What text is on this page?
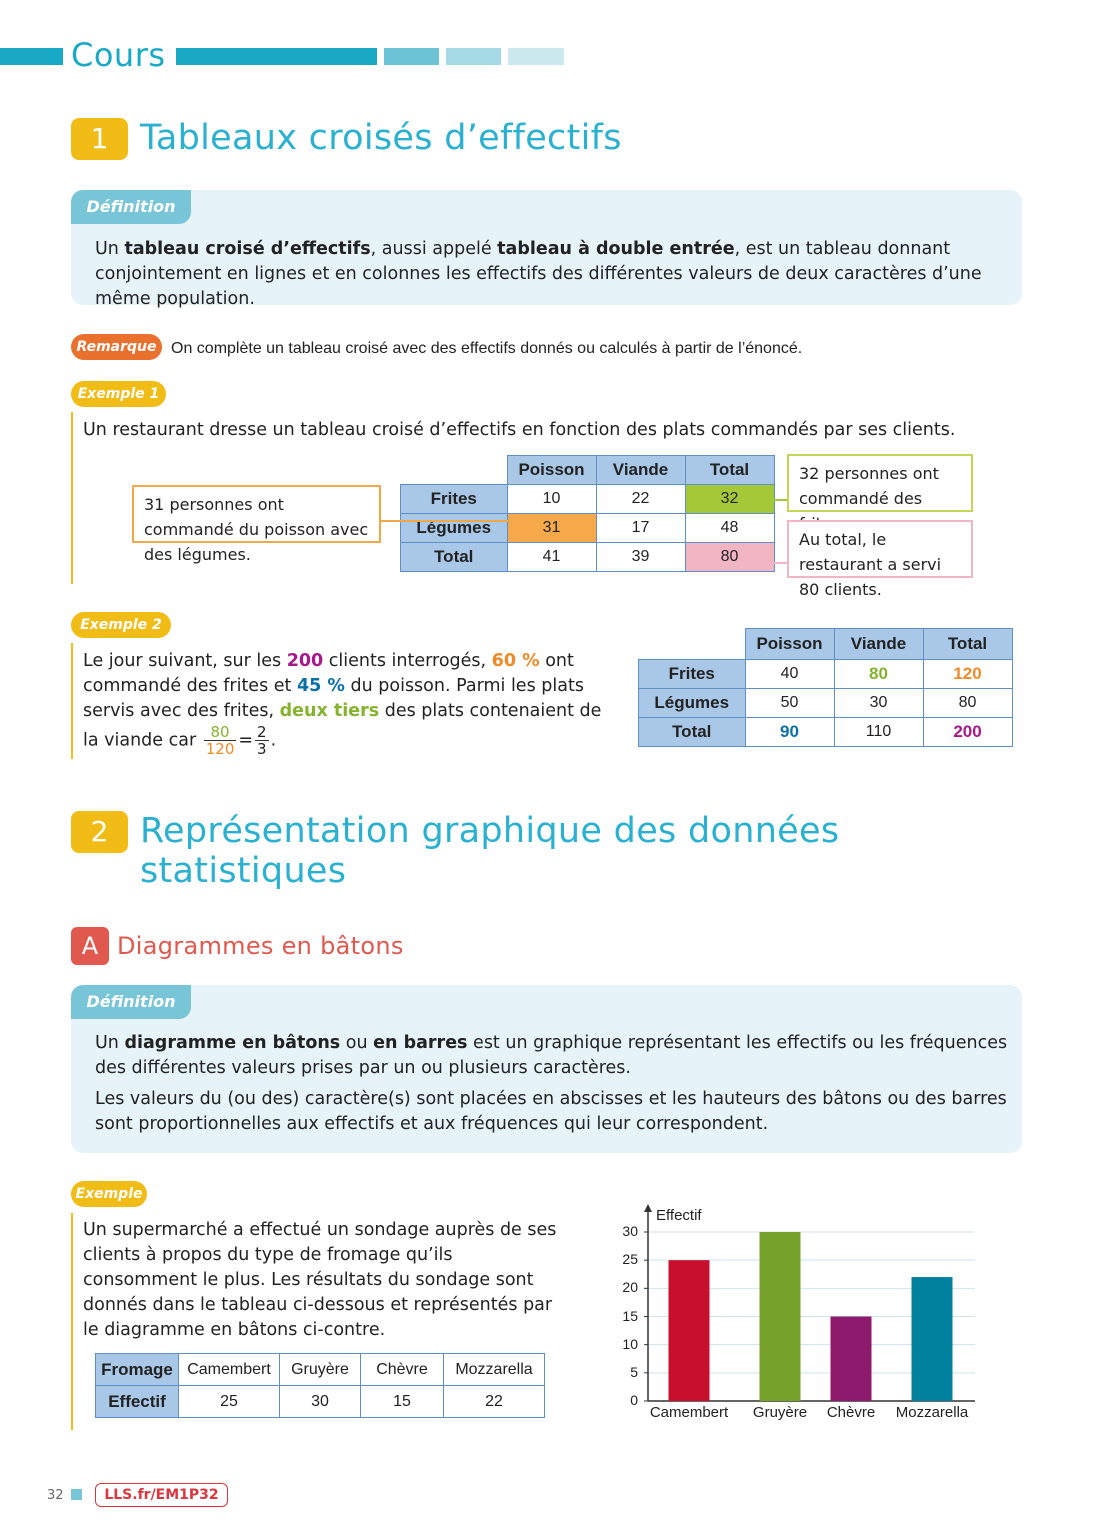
Cours
1 Tableaux croisés d’effectifs
Définition
Un tableau croisé d’effectifs, aussi appelé tableau à double entrée, est un tableau donnant conjointement en lignes et en colonnes les effectifs des différentes valeurs de deux caractères d’une même population.
Remarque On complète un tableau croisé avec des effectifs donnés ou calculés à partir de l’énoncé.
Exemple 1
Un restaurant dresse un tableau croisé d’effectifs en fonction des plats commandés par ses clients.
	Poisson	Viande	Total
Frites	10	22	32
Légumes	31	17	48
Total	41	39	80
31 personnes ont commandé du poisson avec des légumes.
32 personnes ont commandé des
Au total, le restaurant a servi 80 clients.
Exemple 2
Le jour suivant, sur les 200 clients interrogés, 60 % ont commandé des frites et 45 % du poisson. Parmi les plats servis avec des frites, deux tiers des plats contenaient de la viande car $\frac{80}{120} = \frac{2}{3}$ .
	Poisson	Viande	Total
Frites	40	80	120
Légumes	50	30	80
Total	90	110	200
2 Représentation graphique des données
statistiques
A Diagrammes en bâtons
Définition
Un diagramme en bâtons ou en barres est un graphique représentant les effectifs ou les fréquences des différentes valeurs prises par un ou plusieurs caractères.
Les valeurs du (ou des) caractère(s) sont placées en abscisses et les hauteurs des bâtons ou des barres sont proportionnelles aux effectifs et aux fréquences qui leur correspondent.
Exemple
Un supermarché a effectué un sondage auprès de ses clients à propos du type de fromage qu’ils consomment le plus. Les résultats du sondage sont donnés dans le tableau ci-dessous et représentés par le diagramme en bâtons ci-contre.
Fromage	Camembert	Gruyère	Chèvre	Mozzarella
Effectif	25	30	15	22	0
5
10
15
20
25
30
Camembert	Gruyère	Chèvre	Mozzarella
Effectif
32	LLS.fr/EM1P32
